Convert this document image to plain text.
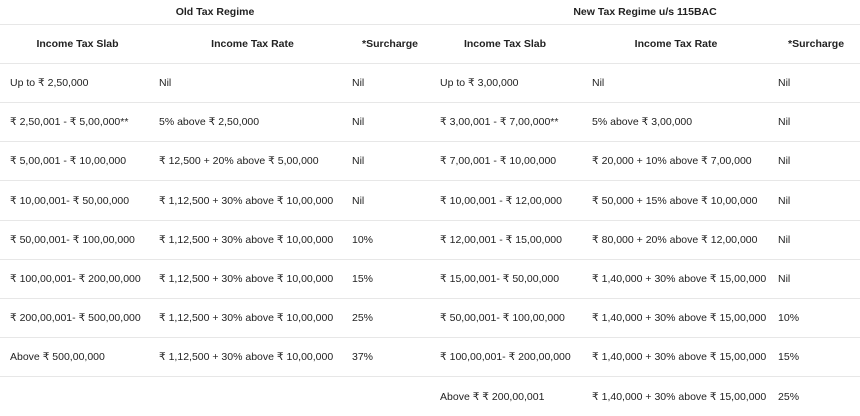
Old Tax Regime			New Tax Regime u/s 115BAC		
Income Tax Slab	Income Tax Rate	*Surcharge	Income Tax Slab	Income Tax Rate	*Surcharge
Up to ₹ 2,50,000	Nil	Nil	Up to ₹ 3,00,000	Nil	Nil
₹ 2,50,001 - ₹ 5,00,000**	5% above ₹ 2,50,000	Nil	₹ 3,00,001 - ₹ 7,00,000**	5% above ₹ 3,00,000	Nil
₹ 5,00,001 - ₹ 10,00,000	₹ 12,500 + 20% above ₹ 5,00,000	Nil	₹ 7,00,001 - ₹ 10,00,000	₹ 20,000 + 10% above ₹ 7,00,000	Nil
₹ 10,00,001- ₹ 50,00,000	₹ 1,12,500 + 30% above ₹ 10,00,000	Nil	₹ 10,00,001 - ₹ 12,00,000	₹ 50,000 + 15% above ₹ 10,00,000	Nil
₹ 50,00,001- ₹ 100,00,000	₹ 1,12,500 + 30% above ₹ 10,00,000	10%	₹ 12,00,001 - ₹ 15,00,000	₹ 80,000 + 20% above ₹ 12,00,000	Nil
₹ 100,00,001- ₹ 200,00,000	₹ 1,12,500 + 30% above ₹ 10,00,000	15%	₹ 15,00,001- ₹ 50,00,000	₹ 1,40,000 + 30% above ₹ 15,00,000	Nil
₹ 200,00,001- ₹ 500,00,000	₹ 1,12,500 + 30% above ₹ 10,00,000	25%	₹ 50,00,001- ₹ 100,00,000	₹ 1,40,000 + 30% above ₹ 15,00,000	10%
Above ₹ 500,00,000	₹ 1,12,500 + 30% above ₹ 10,00,000	37%	₹ 100,00,001- ₹ 200,00,000	₹ 1,40,000 + 30% above ₹ 15,00,000	15%
			Above ₹ ₹ 200,00,001	₹ 1,40,000 + 30% above ₹ 15,00,000	25%
